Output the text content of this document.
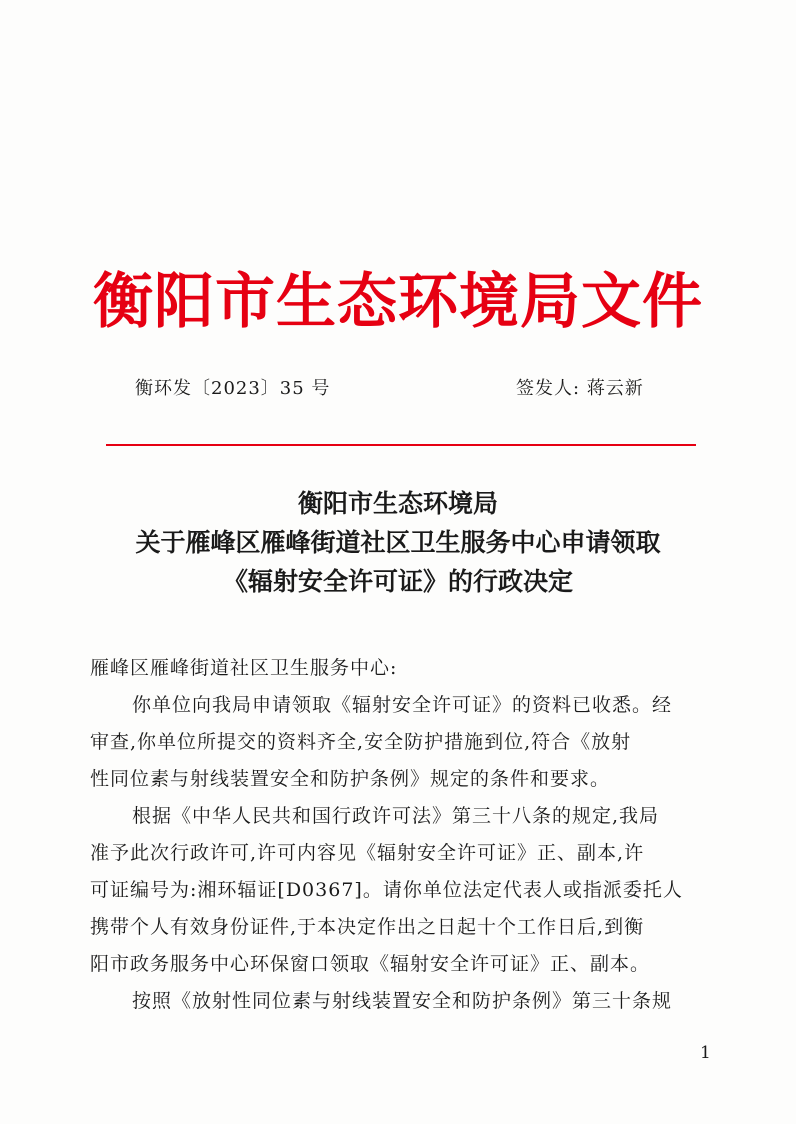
衡阳市生态环境局文件
衡环发〔2023〕35 号	签发人: 蒋云新
衡阳市生态环境局
关于雁峰区雁峰街道社区卫生服务中心申请领取
《辐射安全许可证》的行政决定
雁峰区雁峰街道社区卫生服务中心:
你单位向我局申请领取《辐射安全许可证》的资料已收悉。经
审查,你单位所提交的资料齐全,安全防护措施到位,符合《放射
性同位素与射线装置安全和防护条例》规定的条件和要求。
根据《中华人民共和国行政许可法》第三十八条的规定,我局
准予此次行政许可,许可内容见《辐射安全许可证》正、副本,许
可证编号为:湘环辐证[D0367]。请你单位法定代表人或指派委托人
携带个人有效身份证件,于本决定作出之日起十个工作日后,到衡
阳市政务服务中心环保窗口领取《辐射安全许可证》正、副本。
按照《放射性同位素与射线装置安全和防护条例》第三十条规
1
